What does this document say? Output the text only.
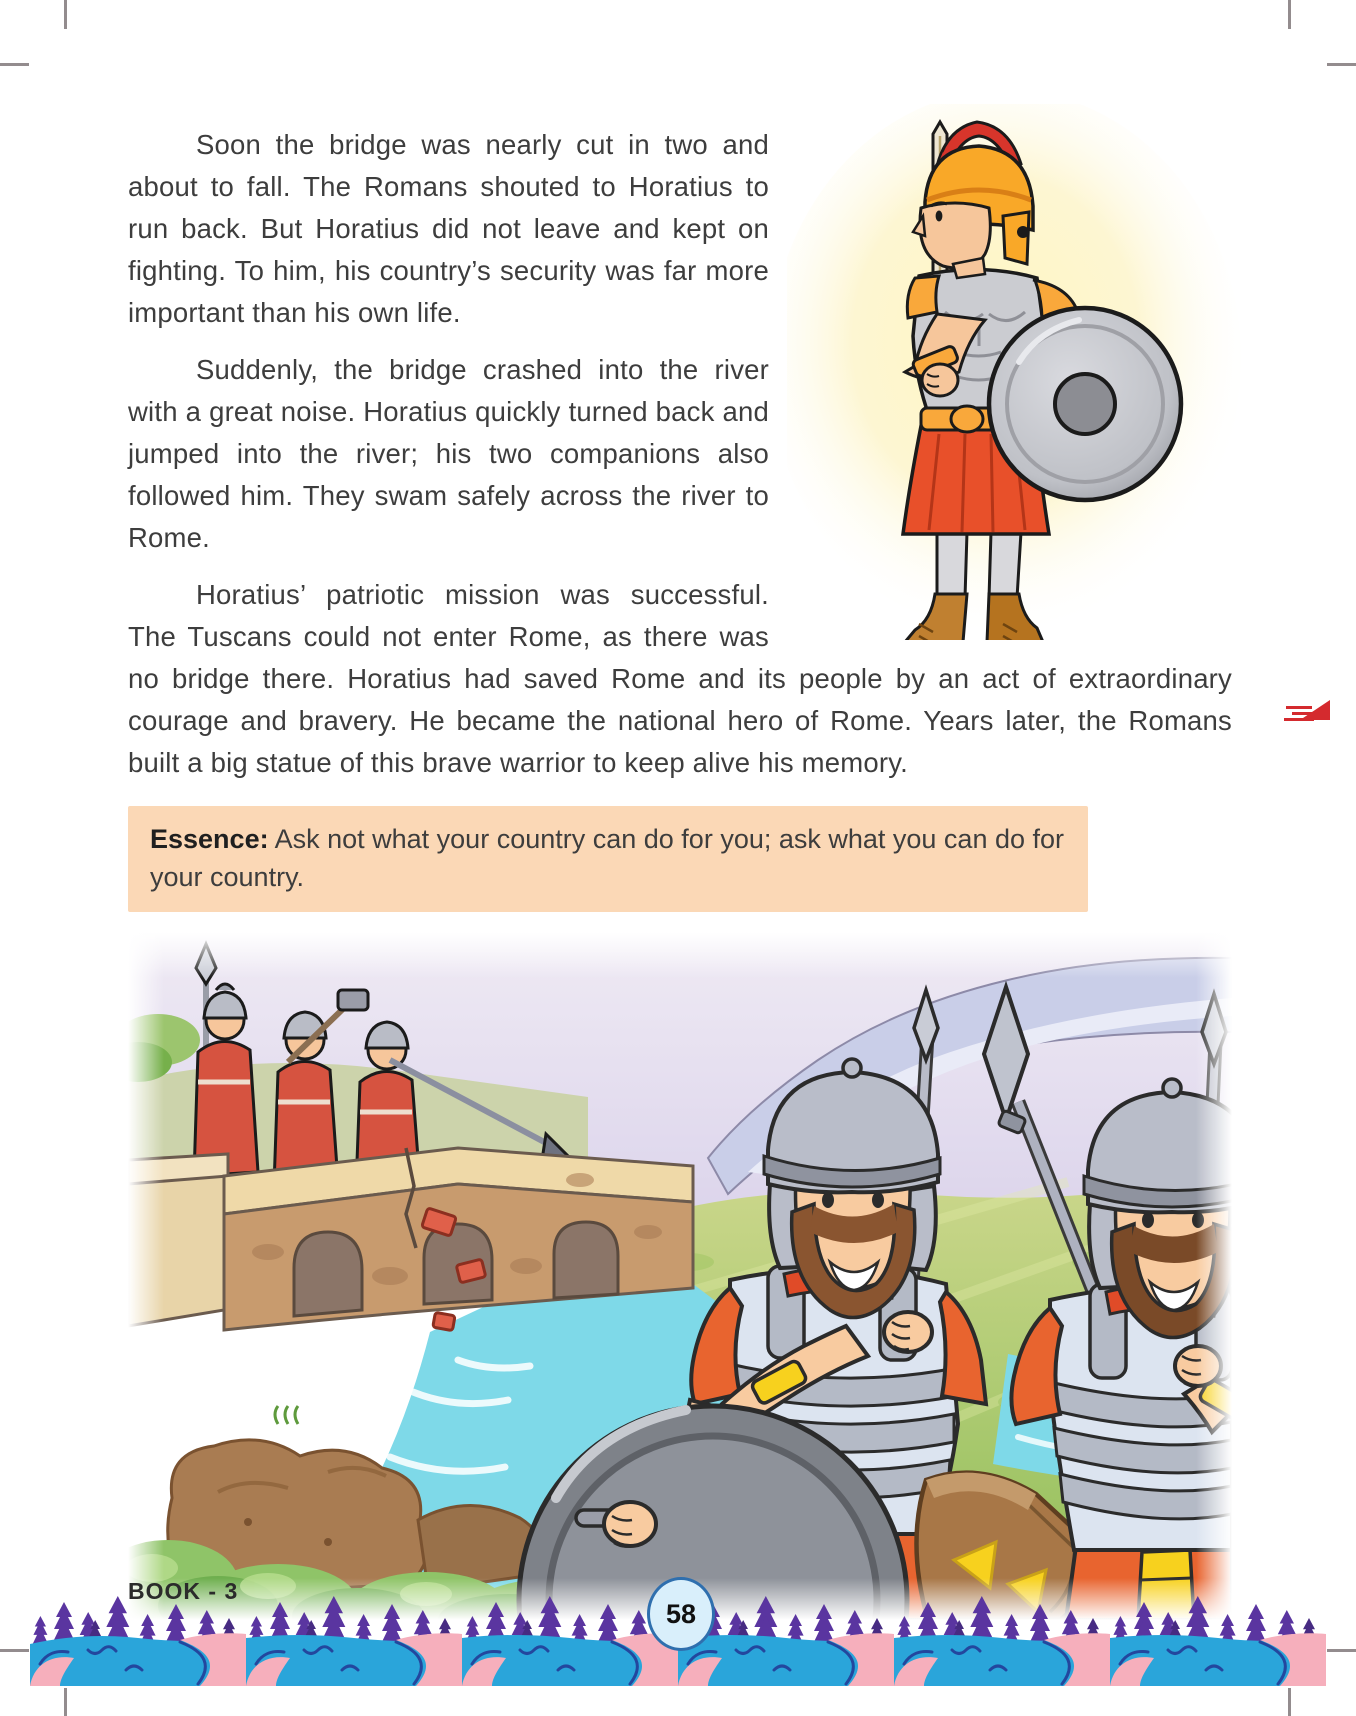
Soon the bridge was nearly cut in two and about to fall. The Romans shouted to Horatius to run back. But Horatius did not leave and kept on fighting. To him, his country’s security was far more important than his own life.

Suddenly, the bridge crashed into the river with a great noise. Horatius quickly turned back and jumped into the river; his two companions also followed him. They swam safely across the river to Rome.

Horatius’ patriotic mission was successful. The Tuscans could not enter Rome, as there was no bridge there. Horatius had saved Rome and its people by an act of extraordinary courage and bravery. He became the national hero of Rome. Years later, the Romans built a big statue of this brave warrior to keep alive his memory.

Essence: Ask not what your country can do for you; ask what you can do for your country.
BOOK - 3
58
